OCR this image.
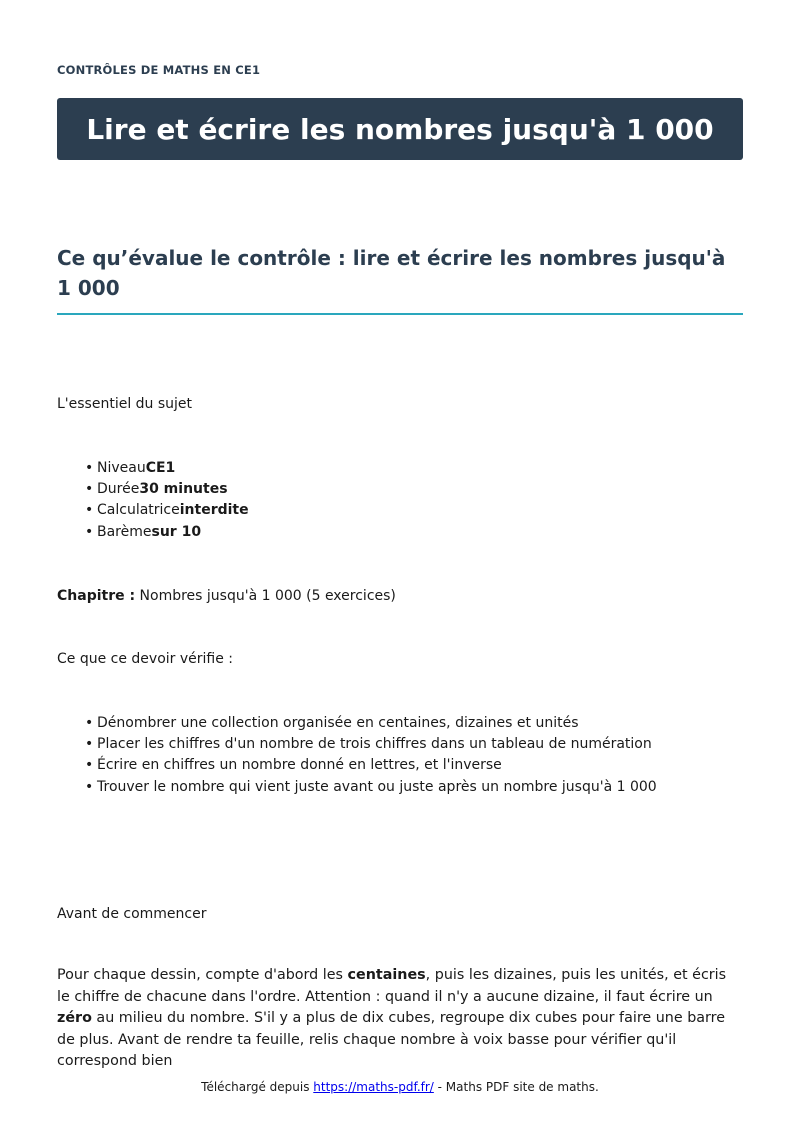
CONTRÔLES DE MATHS EN CE1
Lire et écrire les nombres jusqu'à 1 000
Ce qu’évalue le contrôle : lire et écrire les nombres jusqu'à 1 000
L'essentiel du sujet
• NiveauCE1
• Durée30 minutes
• Calculatriceinterdite
• Barèmesur 10
Chapitre : Nombres jusqu'à 1 000 (5 exercices)
Ce que ce devoir vérifie :
• Dénombrer une collection organisée en centaines, dizaines et unités
• Placer les chiffres d'un nombre de trois chiffres dans un tableau de numération
• Écrire en chiffres un nombre donné en lettres, et l'inverse
• Trouver le nombre qui vient juste avant ou juste après un nombre jusqu'à 1 000
Avant de commencer

Pour chaque dessin, compte d'abord les centaines, puis les dizaines, puis les unités, et écris le chiffre de chacune dans l'ordre. Attention : quand il n'y a aucune dizaine, il faut écrire un zéro au milieu du nombre. S'il y a plus de dix cubes, regroupe dix cubes pour faire une barre de plus. Avant de rendre ta feuille, relis chaque nombre à voix basse pour vérifier qu'il correspond bien

Téléchargé depuis https://maths-pdf.fr/ - Maths PDF site de maths.
